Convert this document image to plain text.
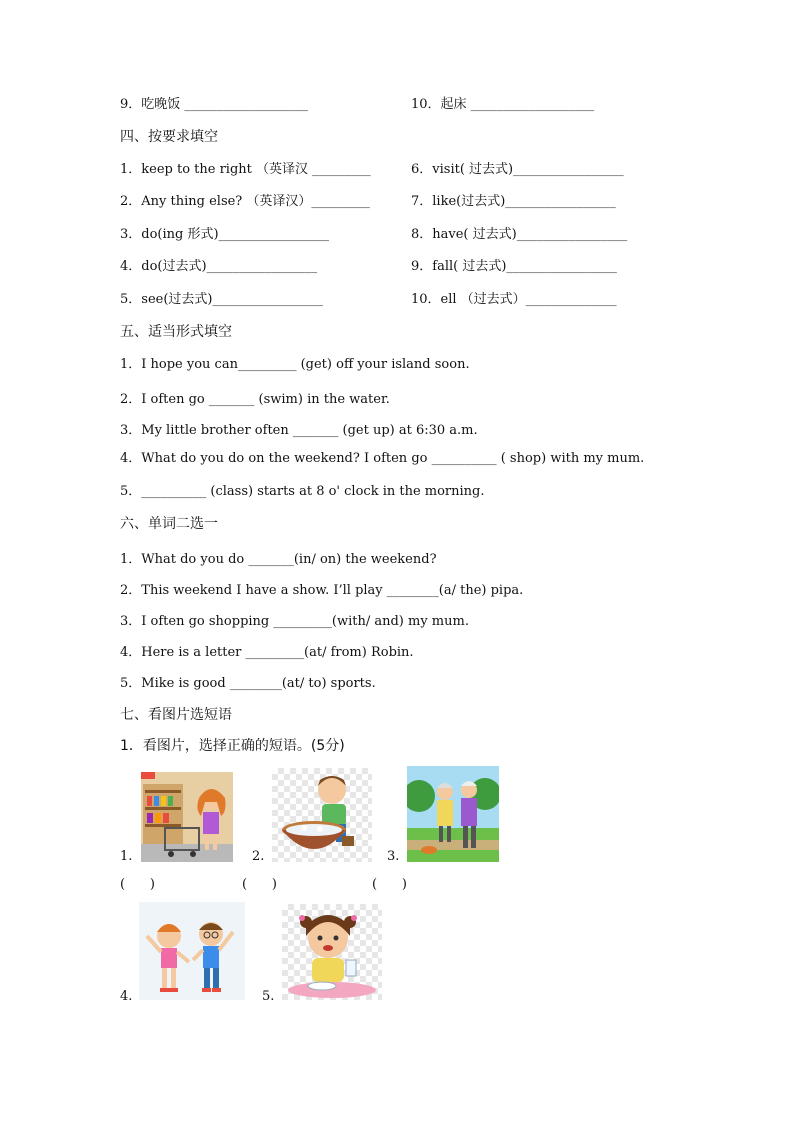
9．吃晚饭 ___________________	10．起床 ___________________
四、按要求填空
1．keep to the right （英译汉 _________	6．visit( 过去式)_________________
2．Any thing else? （英译汉）_________	7．like(过去式)_________________
3．do(ing 形式)_________________	8．have( 过去式)_________________
4．do(过去式)_________________	9．fall( 过去式)_________________
5．see(过去式)_________________	10．ell （过去式）______________
五、适当形式填空
1．I hope you can_________ (get) off your island soon.
2．I often go _______ (swim) in the water.
3．My little brother often _______ (get up) at 6:30 a.m.
4．What do you do on the weekend? I often go __________ ( shop) with my mum.
5．__________ (class) starts at 8 o' clock in the morning.
六、单词二选一
1．What do you do _______(in/ on) the weekend?
2．This weekend I have a show. I’ll play ________(a/ the) pipa.
3．I often go shopping _________(with/ and) my mum.
4．Here is a letter _________(at/ from) Robin.
5．Mike is good ________(at/ to) sports.
七、看图片选短语
1．看图片，选择正确的短语。(5分)
1.	2.	3.
(      )	(      )	(      )
4.	5.
